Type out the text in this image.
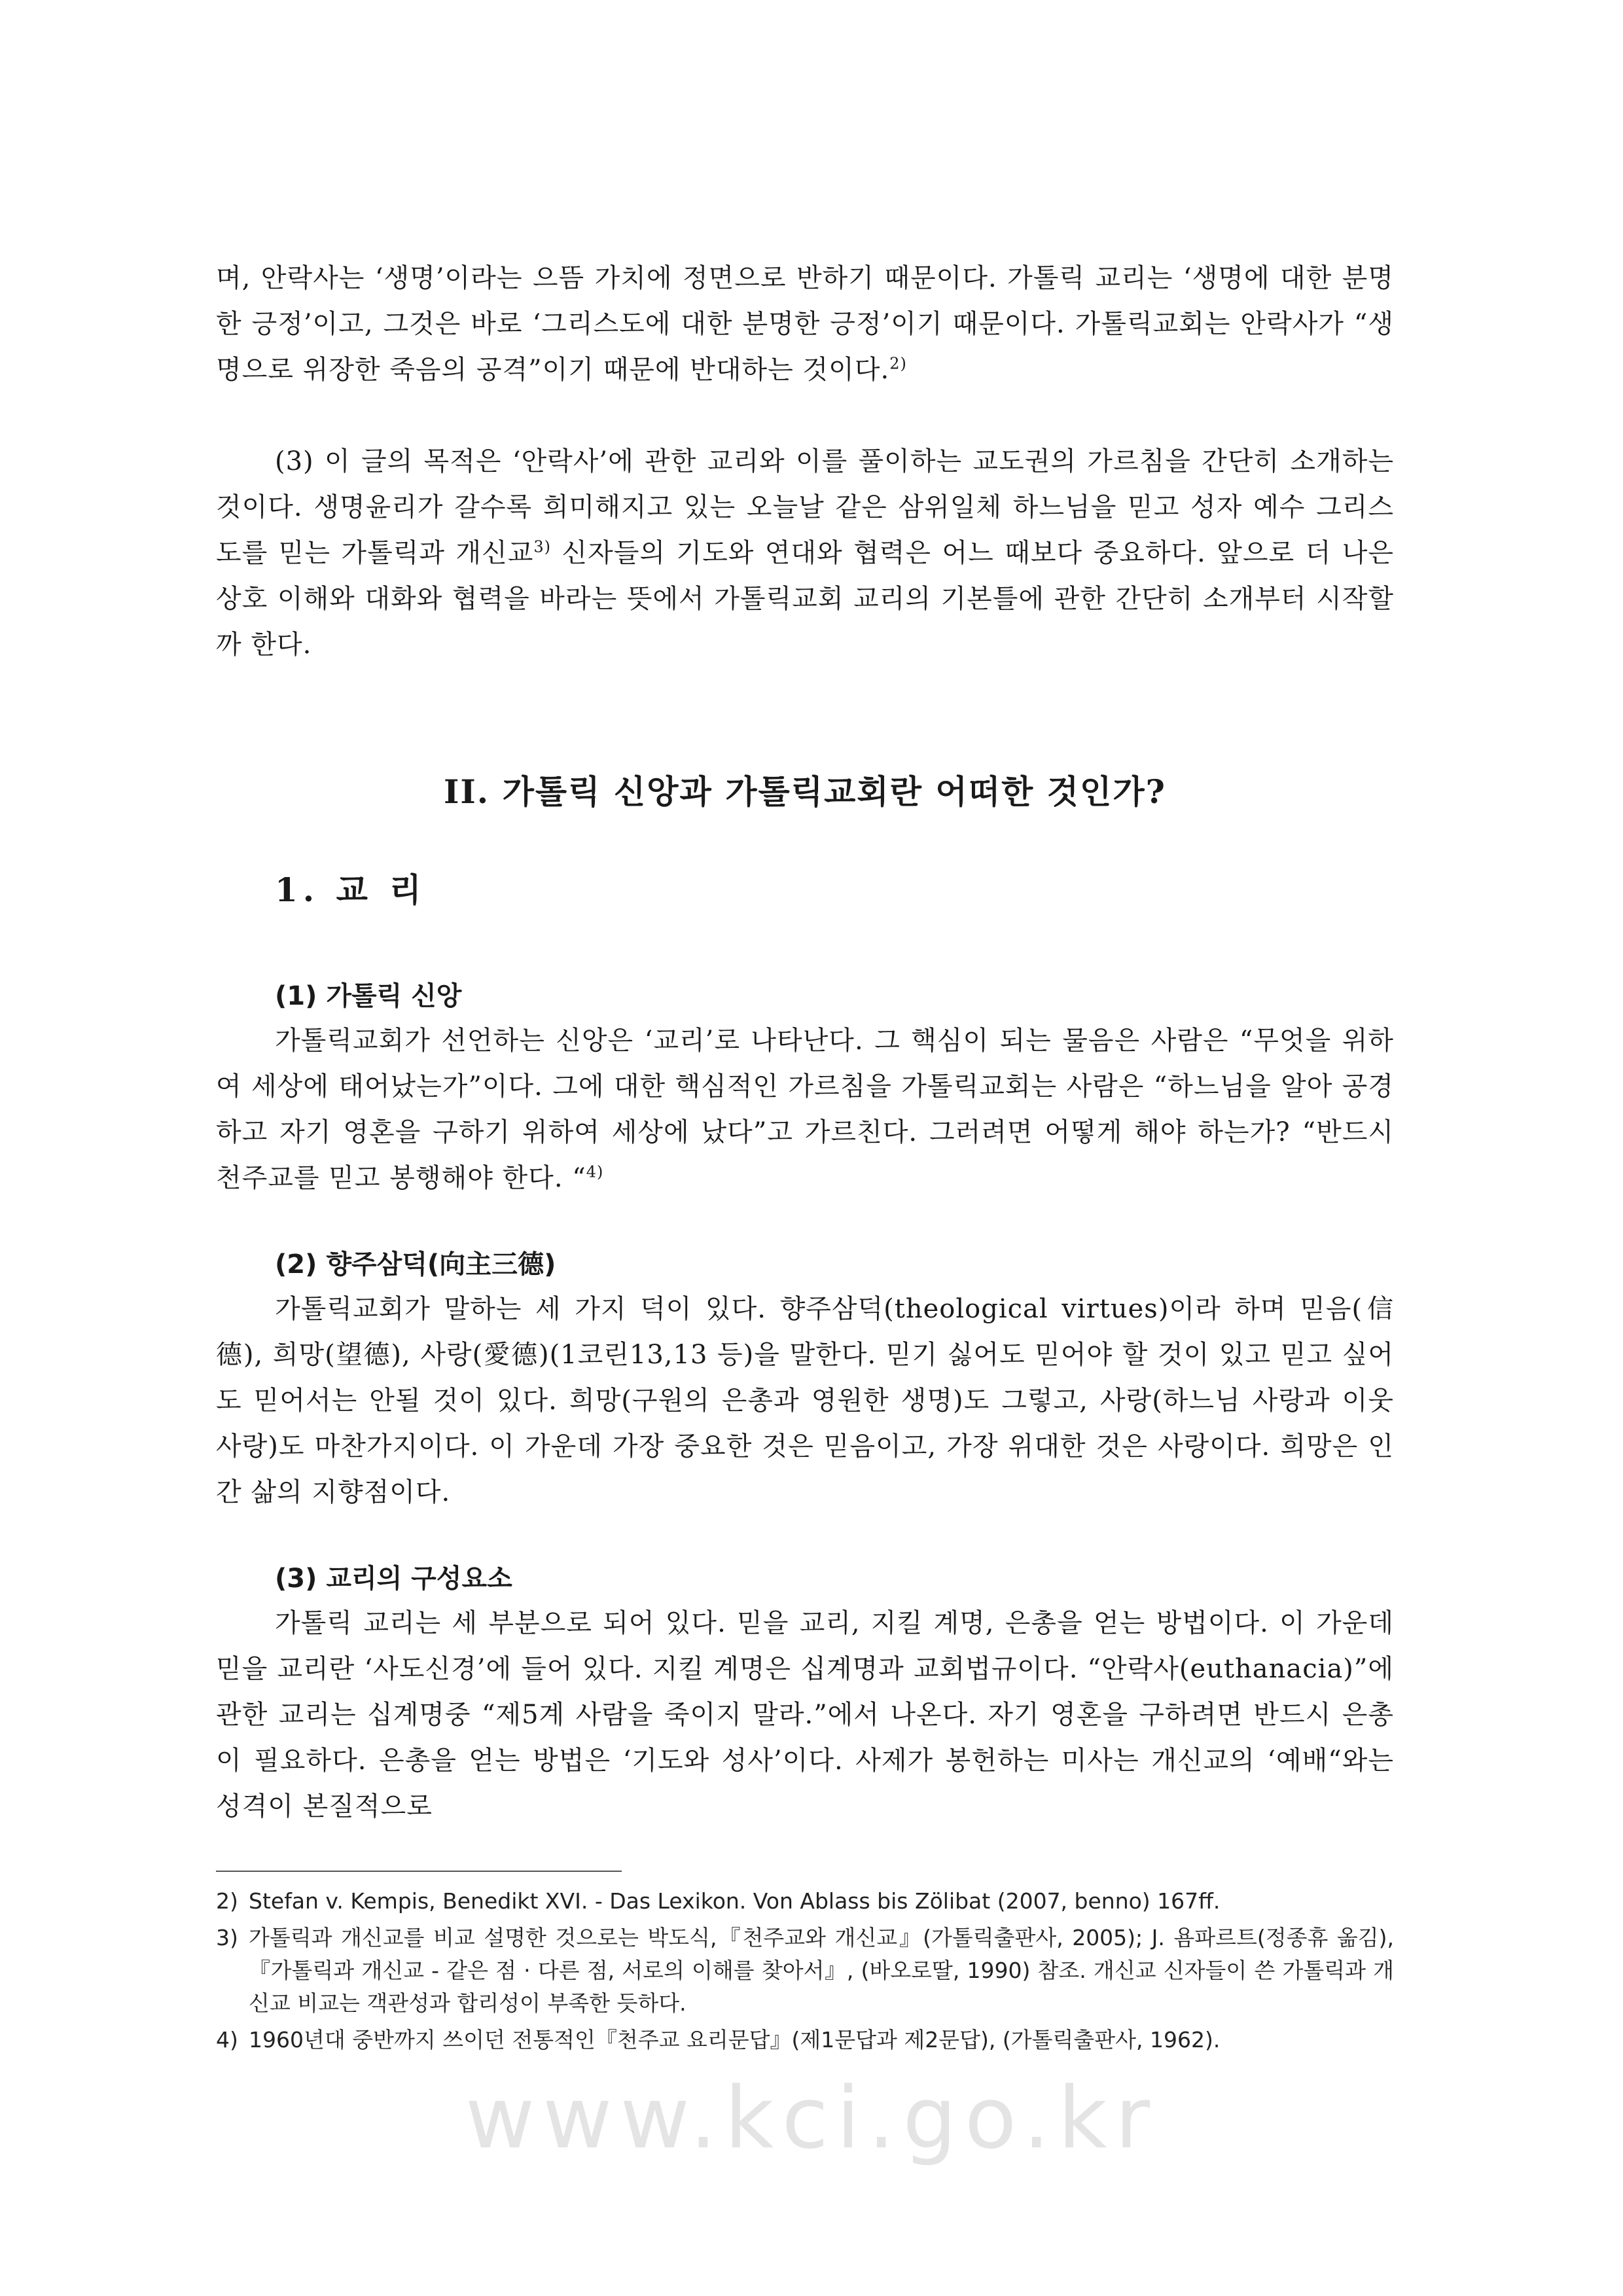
며, 안락사는 ‘생명’이라는 으뜸 가치에 정면으로 반하기 때문이다. 가톨릭 교리는 ‘생명에 대한 분명한 긍정’이고, 그것은 바로 ‘그리스도에 대한 분명한 긍정’이기 때문이다. 가톨릭교회는 안락사가 “생명으로 위장한 죽음의 공격”이기 때문에 반대하는 것이다.$^{2)}$
(3) 이 글의 목적은 ‘안락사’에 관한 교리와 이를 풀이하는 교도권의 가르침을 간단히 소개하는 것이다. 생명윤리가 갈수록 희미해지고 있는 오늘날 같은 삼위일체 하느님을 믿고 성자 예수 그리스도를 믿는 가톨릭과 개신교$^{3)}$ 신자들의 기도와 연대와 협력은 어느 때보다 중요하다. 앞으로 더 나은 상호 이해와 대화와 협력을 바라는 뜻에서 가톨릭교회 교리의 기본틀에 관한 간단히 소개부터 시작할까 한다.
II. 가톨릭 신앙과 가톨릭교회란 어떠한 것인가?
1. 교 리
(1) 가톨릭 신앙
가톨릭교회가 선언하는 신앙은 ‘교리’로 나타난다. 그 핵심이 되는 물음은 사람은 “무엇을 위하여 세상에 태어났는가”이다. 그에 대한 핵심적인 가르침을 가톨릭교회는 사람은 “하느님을 알아 공경하고 자기 영혼을 구하기 위하여 세상에 났다”고 가르친다. 그러려면 어떻게 해야 하는가? “반드시 천주교를 믿고 봉행해야 한다. “$^{4)}$
(2) 향주삼덕(向主三德)
가톨릭교회가 말하는 세 가지 덕이 있다. 향주삼덕(theological virtues)이라 하며 믿음(信德), 희망(望德), 사랑(愛德)(1코린13,13 등)을 말한다. 믿기 싫어도 믿어야 할 것이 있고 믿고 싶어도 믿어서는 안될 것이 있다. 희망(구원의 은총과 영원한 생명)도 그렇고, 사랑(하느님 사랑과 이웃 사랑)도 마찬가지이다. 이 가운데 가장 중요한 것은 믿음이고, 가장 위대한 것은 사랑이다. 희망은 인간 삶의 지향점이다.
(3) 교리의 구성요소
가톨릭 교리는 세 부분으로 되어 있다. 믿을 교리, 지킬 계명, 은총을 얻는 방법이다. 이 가운데 믿을 교리란 ‘사도신경’에 들어 있다. 지킬 계명은 십계명과 교회법규이다. “안락사(euthanacia)”에 관한 교리는 십계명중 “제5계 사람을 죽이지 말라.”에서 나온다. 자기 영혼을 구하려면 반드시 은총이 필요하다. 은총을 얻는 방법은 ‘기도와 성사’이다. 사제가 봉헌하는 미사는 개신교의 ‘예배“와는 성격이 본질적으로
2) Stefan v. Kempis, Benedikt XVI. - Das Lexikon. Von Ablass bis Zölibat (2007, benno) 167ff.
3) 가톨릭과 개신교를 비교 설명한 것으로는 박도식,『천주교와 개신교』(가톨릭출판사, 2005); J. 욤파르트(정종휴 옮김),『가톨릭과 개신교 - 같은 점 · 다른 점, 서로의 이해를 찾아서』, (바오로딸, 1990) 참조. 개신교 신자들이 쓴 가톨릭과 개신교 비교는 객관성과 합리성이 부족한 듯하다.
4) 1960년대 중반까지 쓰이던 전통적인『천주교 요리문답』(제1문답과 제2문답), (가톨릭출판사, 1962).
www.kci.go.kr
